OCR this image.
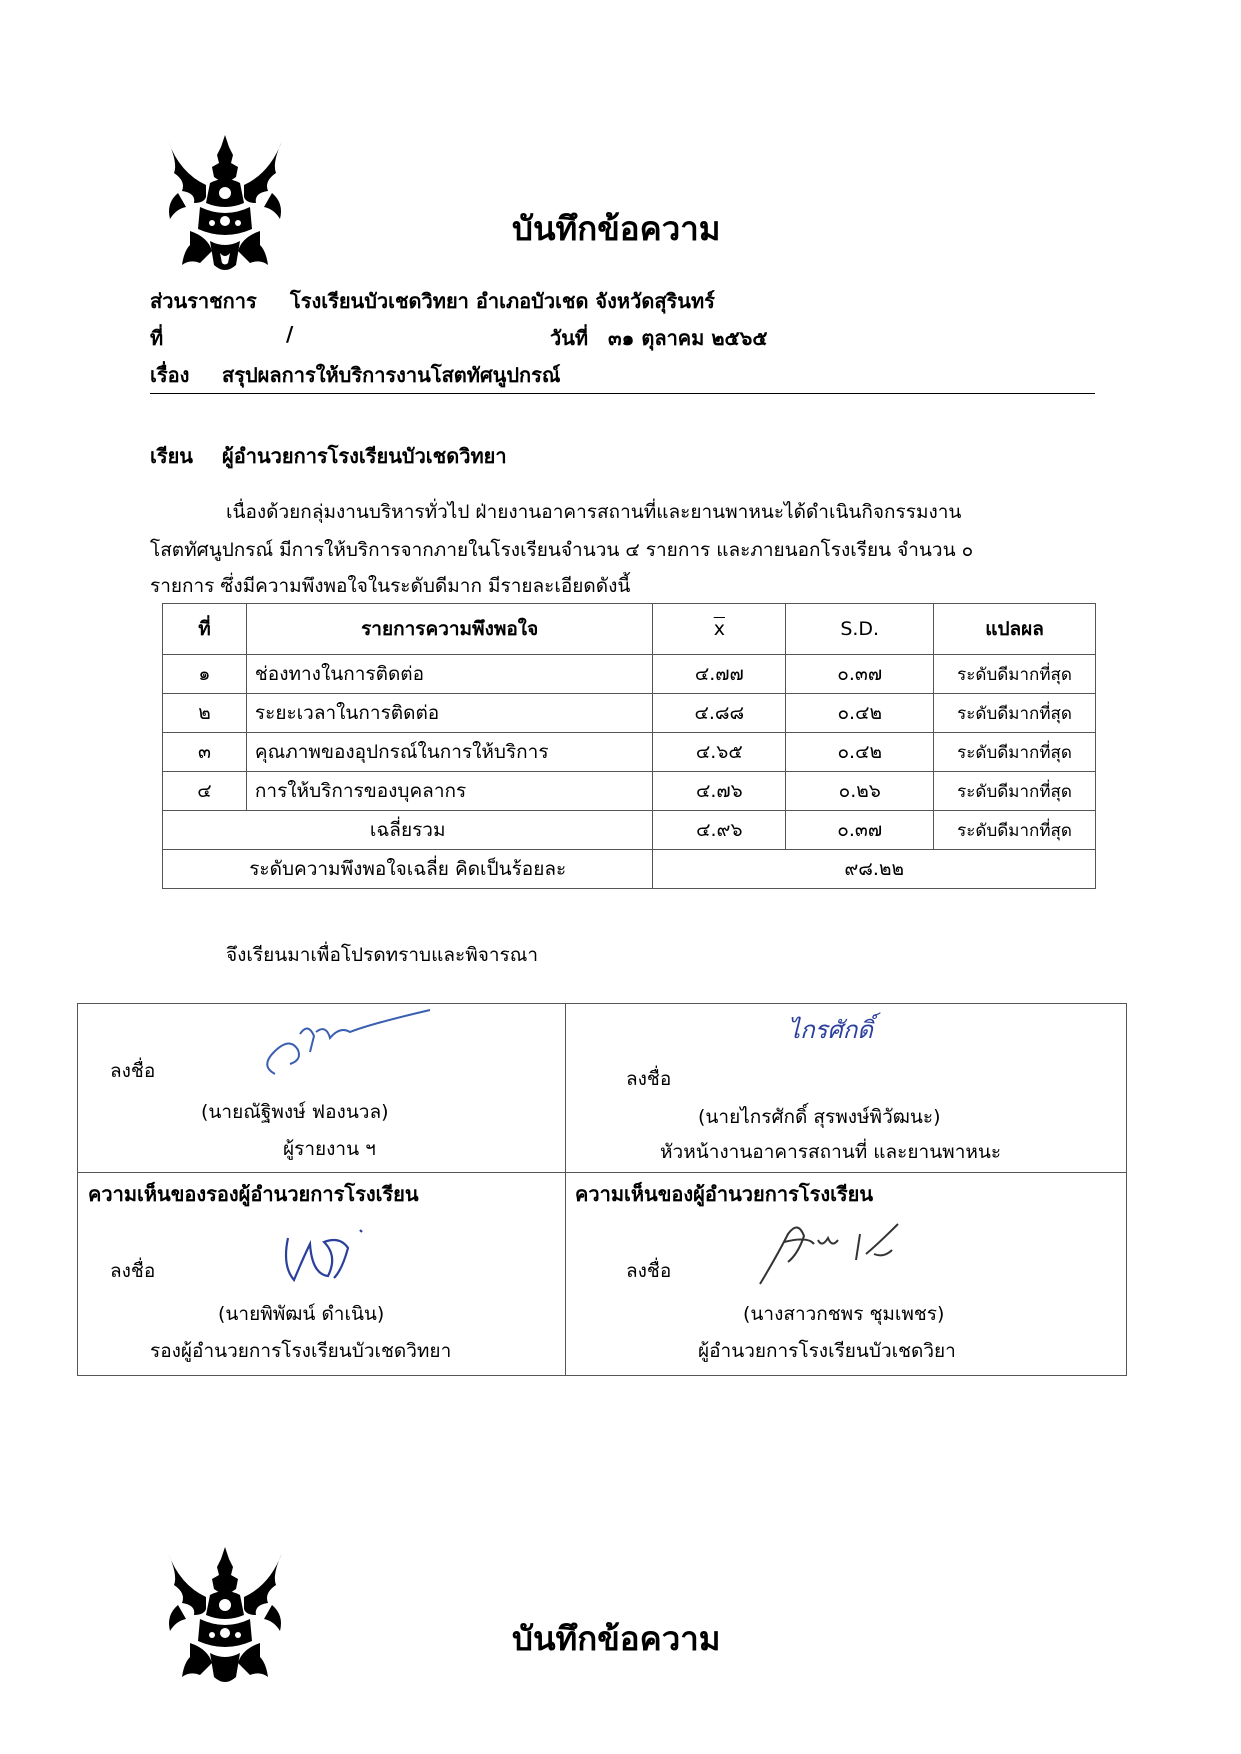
บันทึกข้อความ
ส่วนราชการ โรงเรียนบัวเชดวิทยา อำเภอบัวเชด จังหวัดสุรินทร์
ที่	/	วันที่ ๓๑ ตุลาคม ๒๕๖๕
เรื่อง สรุปผลการให้บริการงานโสตทัศนูปกรณ์
เรียน ผู้อำนวยการโรงเรียนบัวเชดวิทยา
เนื่องด้วยกลุ่มงานบริหารทั่วไป ฝ่ายงานอาคารสถานที่และยานพาหนะได้ดำเนินกิจกรรมงาน
โสตทัศนูปกรณ์ มีการให้บริการจากภายในโรงเรียนจำนวน ๔ รายการ และภายนอกโรงเรียน จำนวน ๐
รายการ ซึ่งมีความพึงพอใจในระดับดีมาก มีรายละเอียดดังนี้
ที่	รายการความพึงพอใจ	$\overline{x}$	S.D.	แปลผล
๑	ช่องทางในการติดต่อ	๔.๗๗	๐.๓๗	ระดับดีมากที่สุด
๒	ระยะเวลาในการติดต่อ	๔.๘๘	๐.๔๒	ระดับดีมากที่สุด
๓	คุณภาพของอุปกรณ์ในการให้บริการ	๔.๖๕	๐.๔๒	ระดับดีมากที่สุด
๔	การให้บริการของบุคลากร	๔.๗๖	๐.๒๖	ระดับดีมากที่สุด
เฉลี่ยรวม		๔.๙๖	๐.๓๗	ระดับดีมากที่สุด
ระดับความพึงพอใจเฉลี่ย คิดเป็นร้อยละ		๙๘.๒๒		
จึงเรียนมาเพื่อโปรดทราบและพิจารณา
ลงชื่อ
(นายณัฐิพงษ์ ฟองนวล)
ผู้รายงาน ฯ
ลงชื่อ
ไกรศักดิ์
(นายไกรศักดิ์ สุรพงษ์พิวัฒนะ)
หัวหน้างานอาคารสถานที่ และยานพาหนะ
ความเห็นของรองผู้อำนวยการโรงเรียน
ลงชื่อ
(นายพิพัฒน์ ดำเนิน)
รองผู้อำนวยการโรงเรียนบัวเชดวิทยา
ความเห็นของผู้อำนวยการโรงเรียน
ลงชื่อ
(นางสาวกชพร ชุมเพชร)
ผู้อำนวยการโรงเรียนบัวเชดวิยา
บันทึกข้อความ
